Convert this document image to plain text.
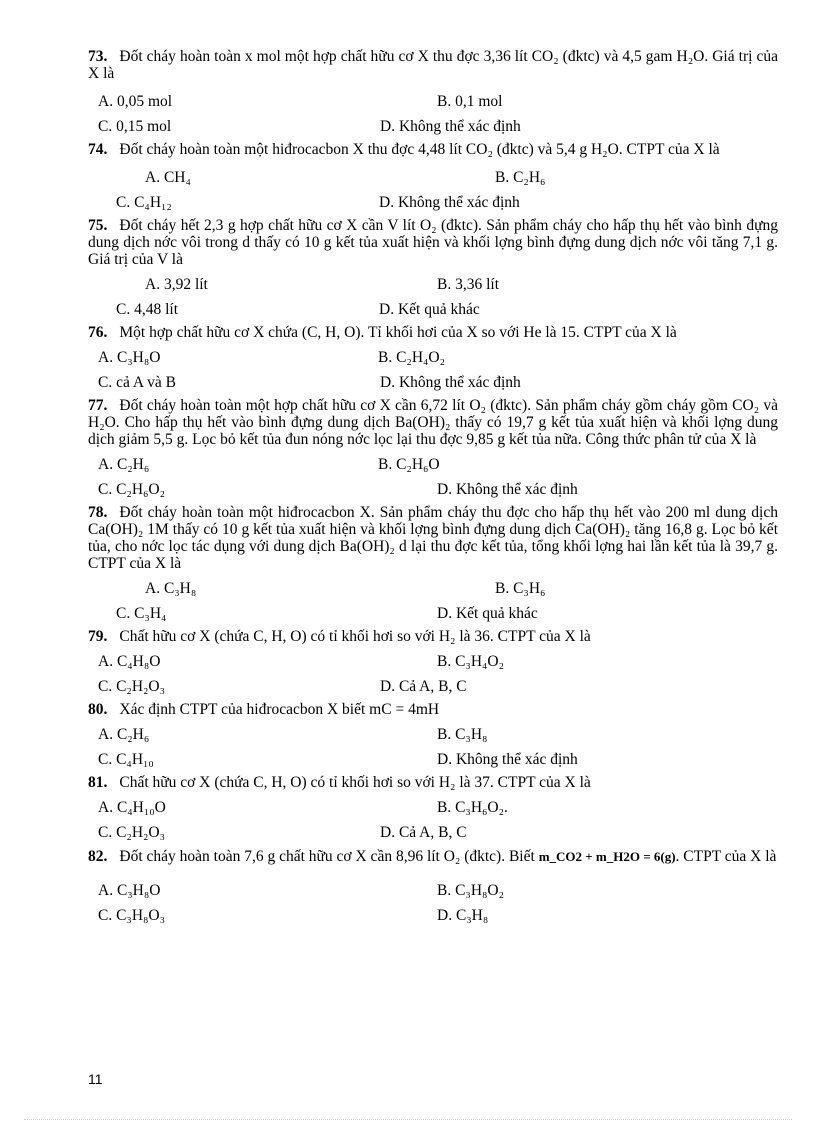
73. Đốt cháy hoàn toàn x mol một hợp chất hữu cơ X thu đợc 3,36 lít CO₂ (đktc) và 4,5 gam H₂O. Giá trị của X là

A. 0,05 mol	B. 0,1 mol
C. 0,15 mol	D. Không thể xác định

74. Đốt cháy hoàn toàn một hiđrocacbon X thu đợc 4,48 lít CO₂ (đktc) và 5,4 g H₂O. CTPT của X là

A. CH₄	B. C₂H₆
C. C₄H₁₂	D. Không thể xác định

75. Đốt cháy hết 2,3 g hợp chất hữu cơ X cần V lít O₂ (đktc). Sản phẩm cháy cho hấp thụ hết vào bình đựng dung dịch nớc vôi trong d thấy có 10 g kết tủa xuất hiện và khối lợng bình đựng dung dịch nớc vôi tăng 7,1 g. Giá trị của V là

A. 3,92 lít	B. 3,36 lít
C. 4,48 lít	D. Kết quả khác

76. Một hợp chất hữu cơ X chứa (C, H, O). Tỉ khối hơi của X so với He là 15. CTPT của X là

A. C₃H₈O	B. C₂H₄O₂
C. cả A và B	D. Không thể xác định

77. Đốt cháy hoàn toàn một hợp chất hữu cơ X cần 6,72 lít O₂ (đktc). Sản phẩm cháy gồm cháy gồm CO₂ và H₂O. Cho hấp thụ hết vào bình đựng dung dịch Ba(OH)₂ thấy có 19,7 g kết tủa xuất hiện và khối lợng dung dịch giảm 5,5 g. Lọc bỏ kết tủa đun nóng nớc lọc lại thu đợc 9,85 g kết tủa nữa. Công thức phân tử của X là

A. C₂H₆	B. C₂H₆O
C. C₂H₆O₂	D. Không thể xác định

78. Đốt cháy hoàn toàn một hiđrocacbon X. Sản phẩm cháy thu đợc cho hấp thụ hết vào 200 ml dung dịch Ca(OH)₂ 1M thấy có 10 g kết tủa xuất hiện và khối lợng bình đựng dung dịch Ca(OH)₂ tăng 16,8 g. Lọc bỏ kết tủa, cho nớc lọc tác dụng với dung dịch Ba(OH)₂ d lại thu đợc kết tủa, tổng khối lợng hai lần kết tủa là 39,7 g. CTPT của X là

A. C₃H₈	B. C₃H₆
C. C₃H₄	D. Kết quả khác

79. Chất hữu cơ X (chứa C, H, O) có tỉ khối hơi so với H₂ là 36. CTPT của X là

A. C₄H₈O	B. C₃H₄O₂
C. C₂H₂O₃	D. Cả A, B, C

80. Xác định CTPT của hiđrocacbon X biết mC = 4mH

A. C₂H₆	B. C₃H₈
C. C₄H₁₀	D. Không thể xác định

81. Chất hữu cơ X (chứa C, H, O) có tỉ khối hơi so với H₂ là 37. CTPT của X là

A. C₄H₁₀O	B. C₃H₆O₂.
C. C₂H₂O₃	D. Cả A, B, C

82. Đốt cháy hoàn toàn 7,6 g chất hữu cơ X cần 8,96 lít O₂ (đktc). Biết m_CO2 + m_H2O = 6(g). CTPT của X là

A. C₃H₈O	B. C₃H₈O₂
C. C₃H₈O₃	D. C₃H₈
11
